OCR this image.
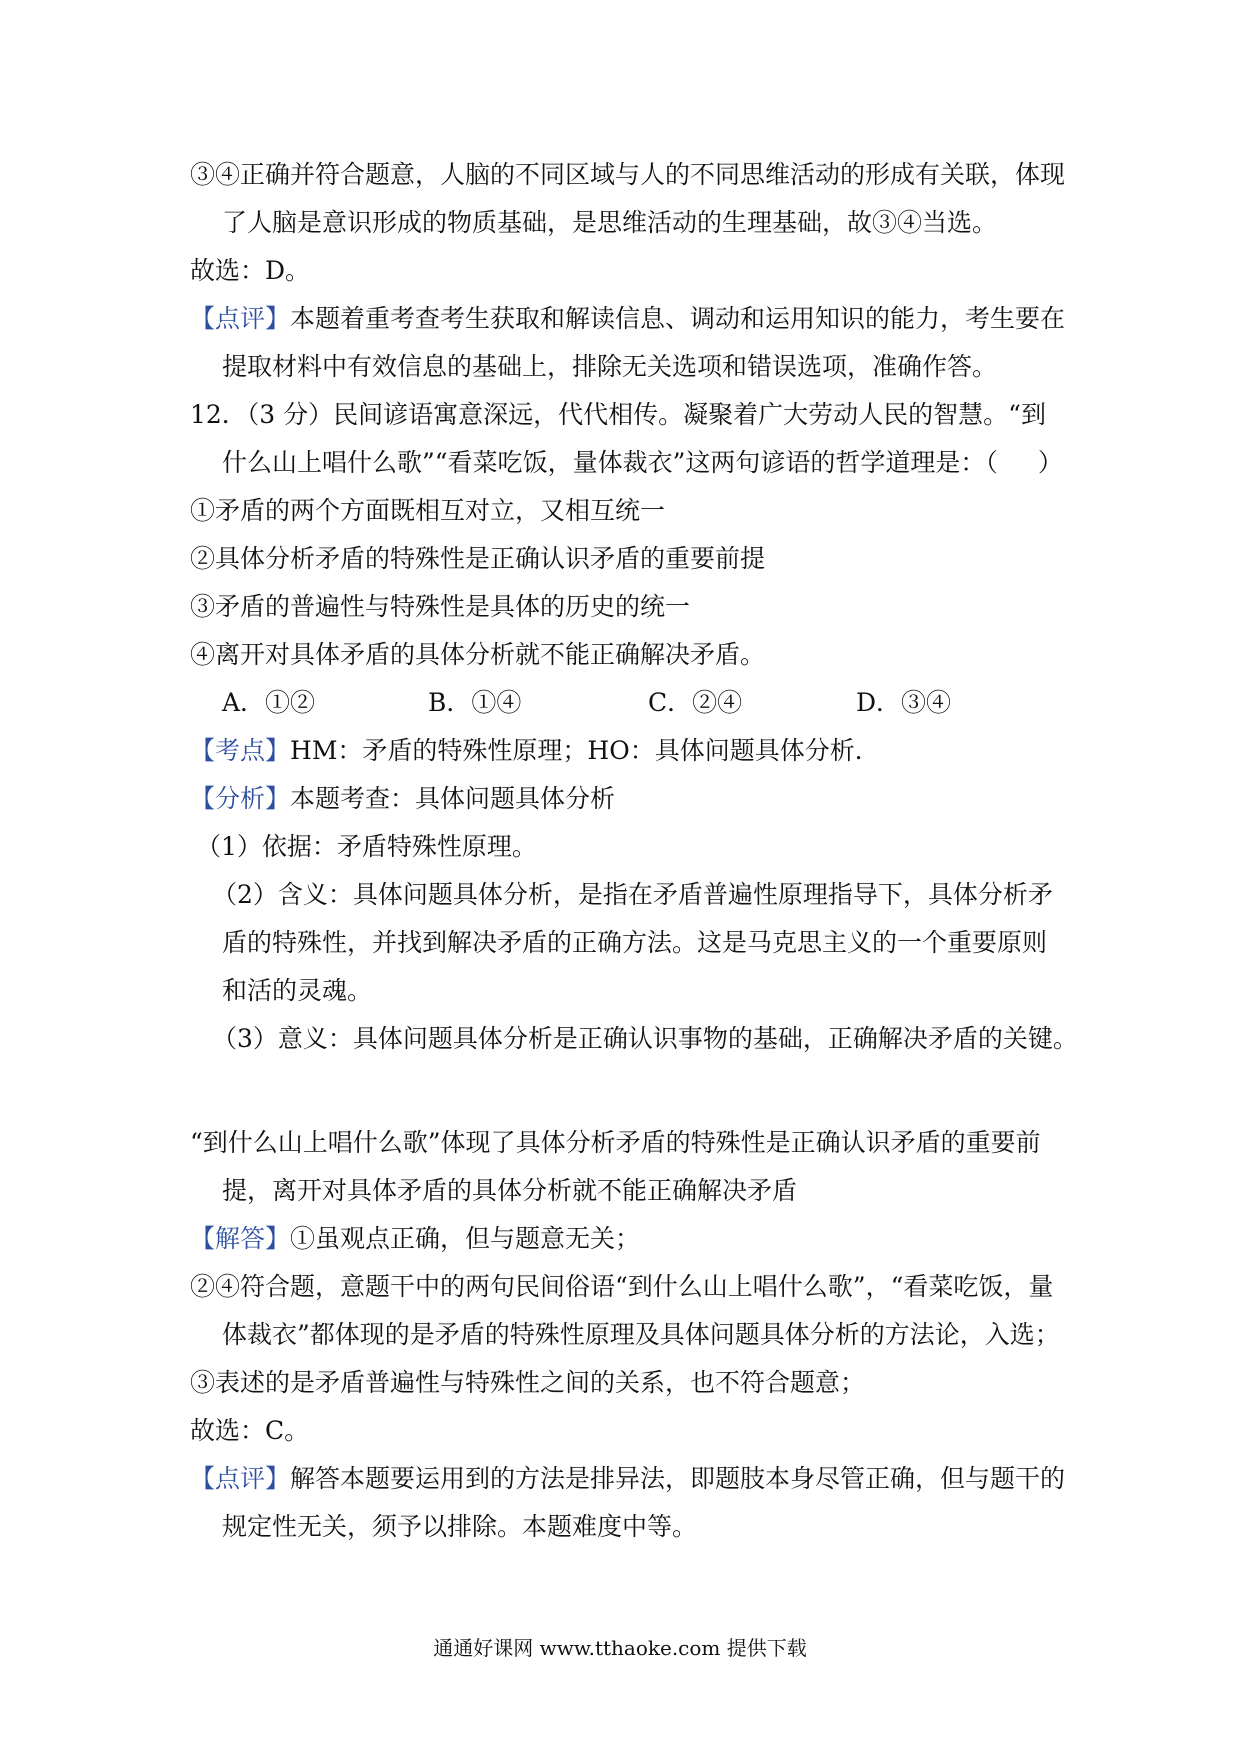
③④正确并符合题意，人脑的不同区域与人的不同思维活动的形成有关联，体现
了人脑是意识形成的物质基础，是思维活动的生理基础，故③④当选。
故选：D。
【点评】本题着重考查考生获取和解读信息、调动和运用知识的能力，考生要在
提取材料中有效信息的基础上，排除无关选项和错误选项，准确作答。
12．（3 分）民间谚语寓意深远，代代相传。凝聚着广大劳动人民的智慧。“到
什么山上唱什么歌”“看菜吃饭，量体裁衣”这两句谚语的哲学道理是：（ ）
①矛盾的两个方面既相互对立，又相互统一
②具体分析矛盾的特殊性是正确认识矛盾的重要前提
③矛盾的普遍性与特殊性是具体的历史的统一
④离开对具体矛盾的具体分析就不能正确解决矛盾。
A．①②	B．①④	C．②④	D．③④
【考点】HM：矛盾的特殊性原理；HO：具体问题具体分析．
【分析】本题考查：具体问题具体分析
（1）依据：矛盾特殊性原理。
（2）含义：具体问题具体分析，是指在矛盾普遍性原理指导下，具体分析矛
盾的特殊性，并找到解决矛盾的正确方法。这是马克思主义的一个重要原则
和活的灵魂。
（3）意义：具体问题具体分析是正确认识事物的基础，正确解决矛盾的关键。
“到什么山上唱什么歌”体现了具体分析矛盾的特殊性是正确认识矛盾的重要前
提，离开对具体矛盾的具体分析就不能正确解决矛盾
【解答】①虽观点正确，但与题意无关；
②④符合题，意题干中的两句民间俗语“到什么山上唱什么歌”，“看菜吃饭，量
体裁衣”都体现的是矛盾的特殊性原理及具体问题具体分析的方法论，入选；
③表述的是矛盾普遍性与特殊性之间的关系，也不符合题意；
故选：C。
【点评】解答本题要运用到的方法是排异法，即题肢本身尽管正确，但与题干的
规定性无关，须予以排除。本题难度中等。
通通好课网 www.tthaoke.com 提供下载
